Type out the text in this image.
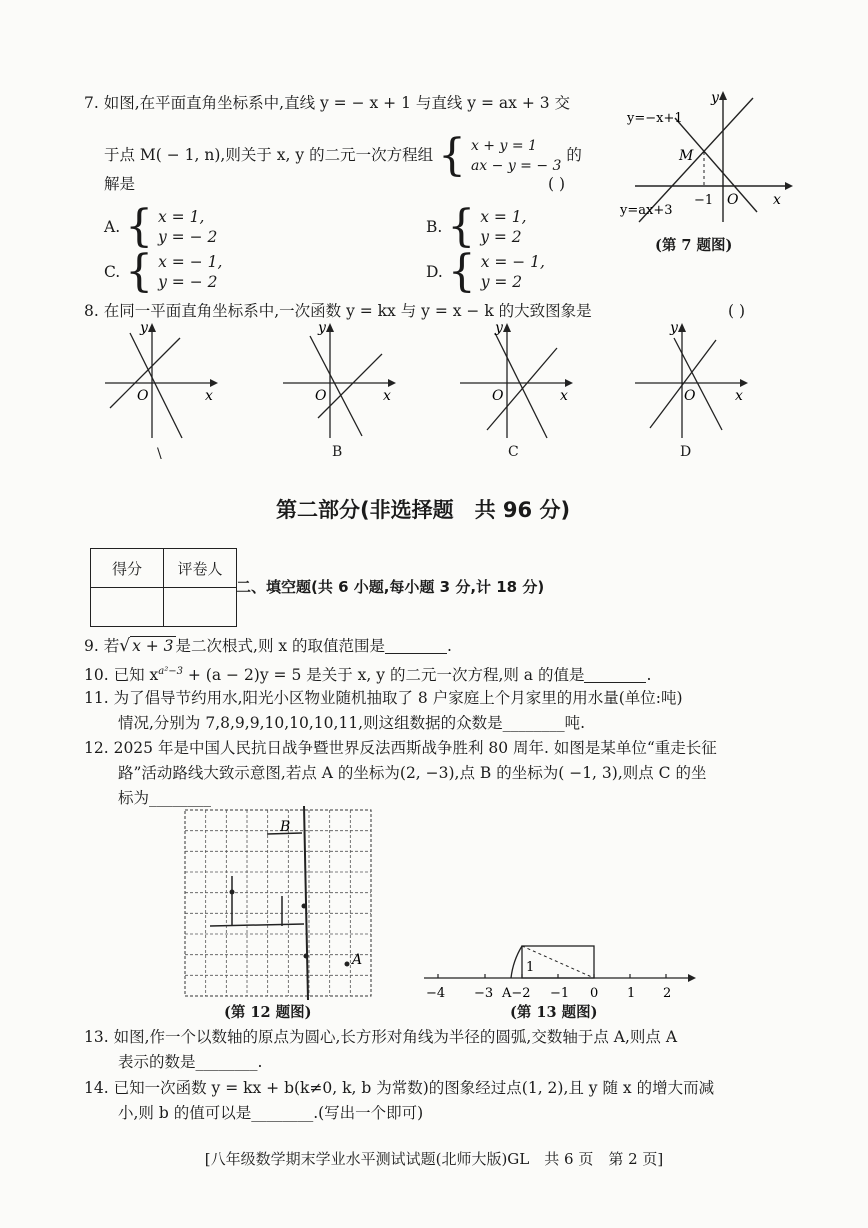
7. 如图,在平面直角坐标系中,直线 y = − x + 1 与直线 y = ax + 3 交
于点 M( − 1, n),则关于 x, y 的二元一次方程组 { x + y = 1
ax − y = − 3
的
解是	( )
A. { x = 1,
y = − 2
B. { x = 1,
y = 2
C. { x = − 1,
y = − 2
D. { x = − 1,
y = 2
y=−x+1
y=ax+3
M
−1 O x
y
(第 7 题图)
8. 在同一平面直角坐标系中,一次函数 y = kx 与 y = x − k 的大致图象是	( )
x
y
O
\
x
y
O
B
x
y
O
C
x
y
O
D
第二部分(非选择题　共 96 分)
得分	评卷人

二、填空题(共 6 小题,每小题 3 分,计 18 分)
9. 若√ x + 3 是二次根式,则 x 的取值范围是	.
10. 已知 $x^{a^2-3} + (a - 2)y = 5$ 是关于 x, y 的二元一次方程,则 a 的值是	.
11. 为了倡导节约用水,阳光小区物业随机抽取了 8 户家庭上个月家里的用水量(单位:吨)
情况,分别为 7,8,9,9,10,10,10,11,则这组数据的众数是________吨.
12. 2025 年是中国人民抗日战争暨世界反法西斯战争胜利 80 周年. 如图是某单位“重走长征
路”活动路线大致示意图,若点 A 的坐标为(2, −3),点 B 的坐标为( −1, 3),则点 C 的坐
标为________
B
A
(第 12 题图)
1
−4 −3 A−2 −1 0 1 2
(第 13 题图)
13. 如图,作一个以数轴的原点为圆心,长方形对角线为半径的圆弧,交数轴于点 A,则点 A
表示的数是________.
14. 已知一次函数 y = kx + b(k≠0, k, b 为常数)的图象经过点(1, 2),且 y 随 x 的增大而减
小,则 b 的值可以是________.(写出一个即可)
[八年级数学期末学业水平测试试题(北师大版)GL　共 6 页　第 2 页]
